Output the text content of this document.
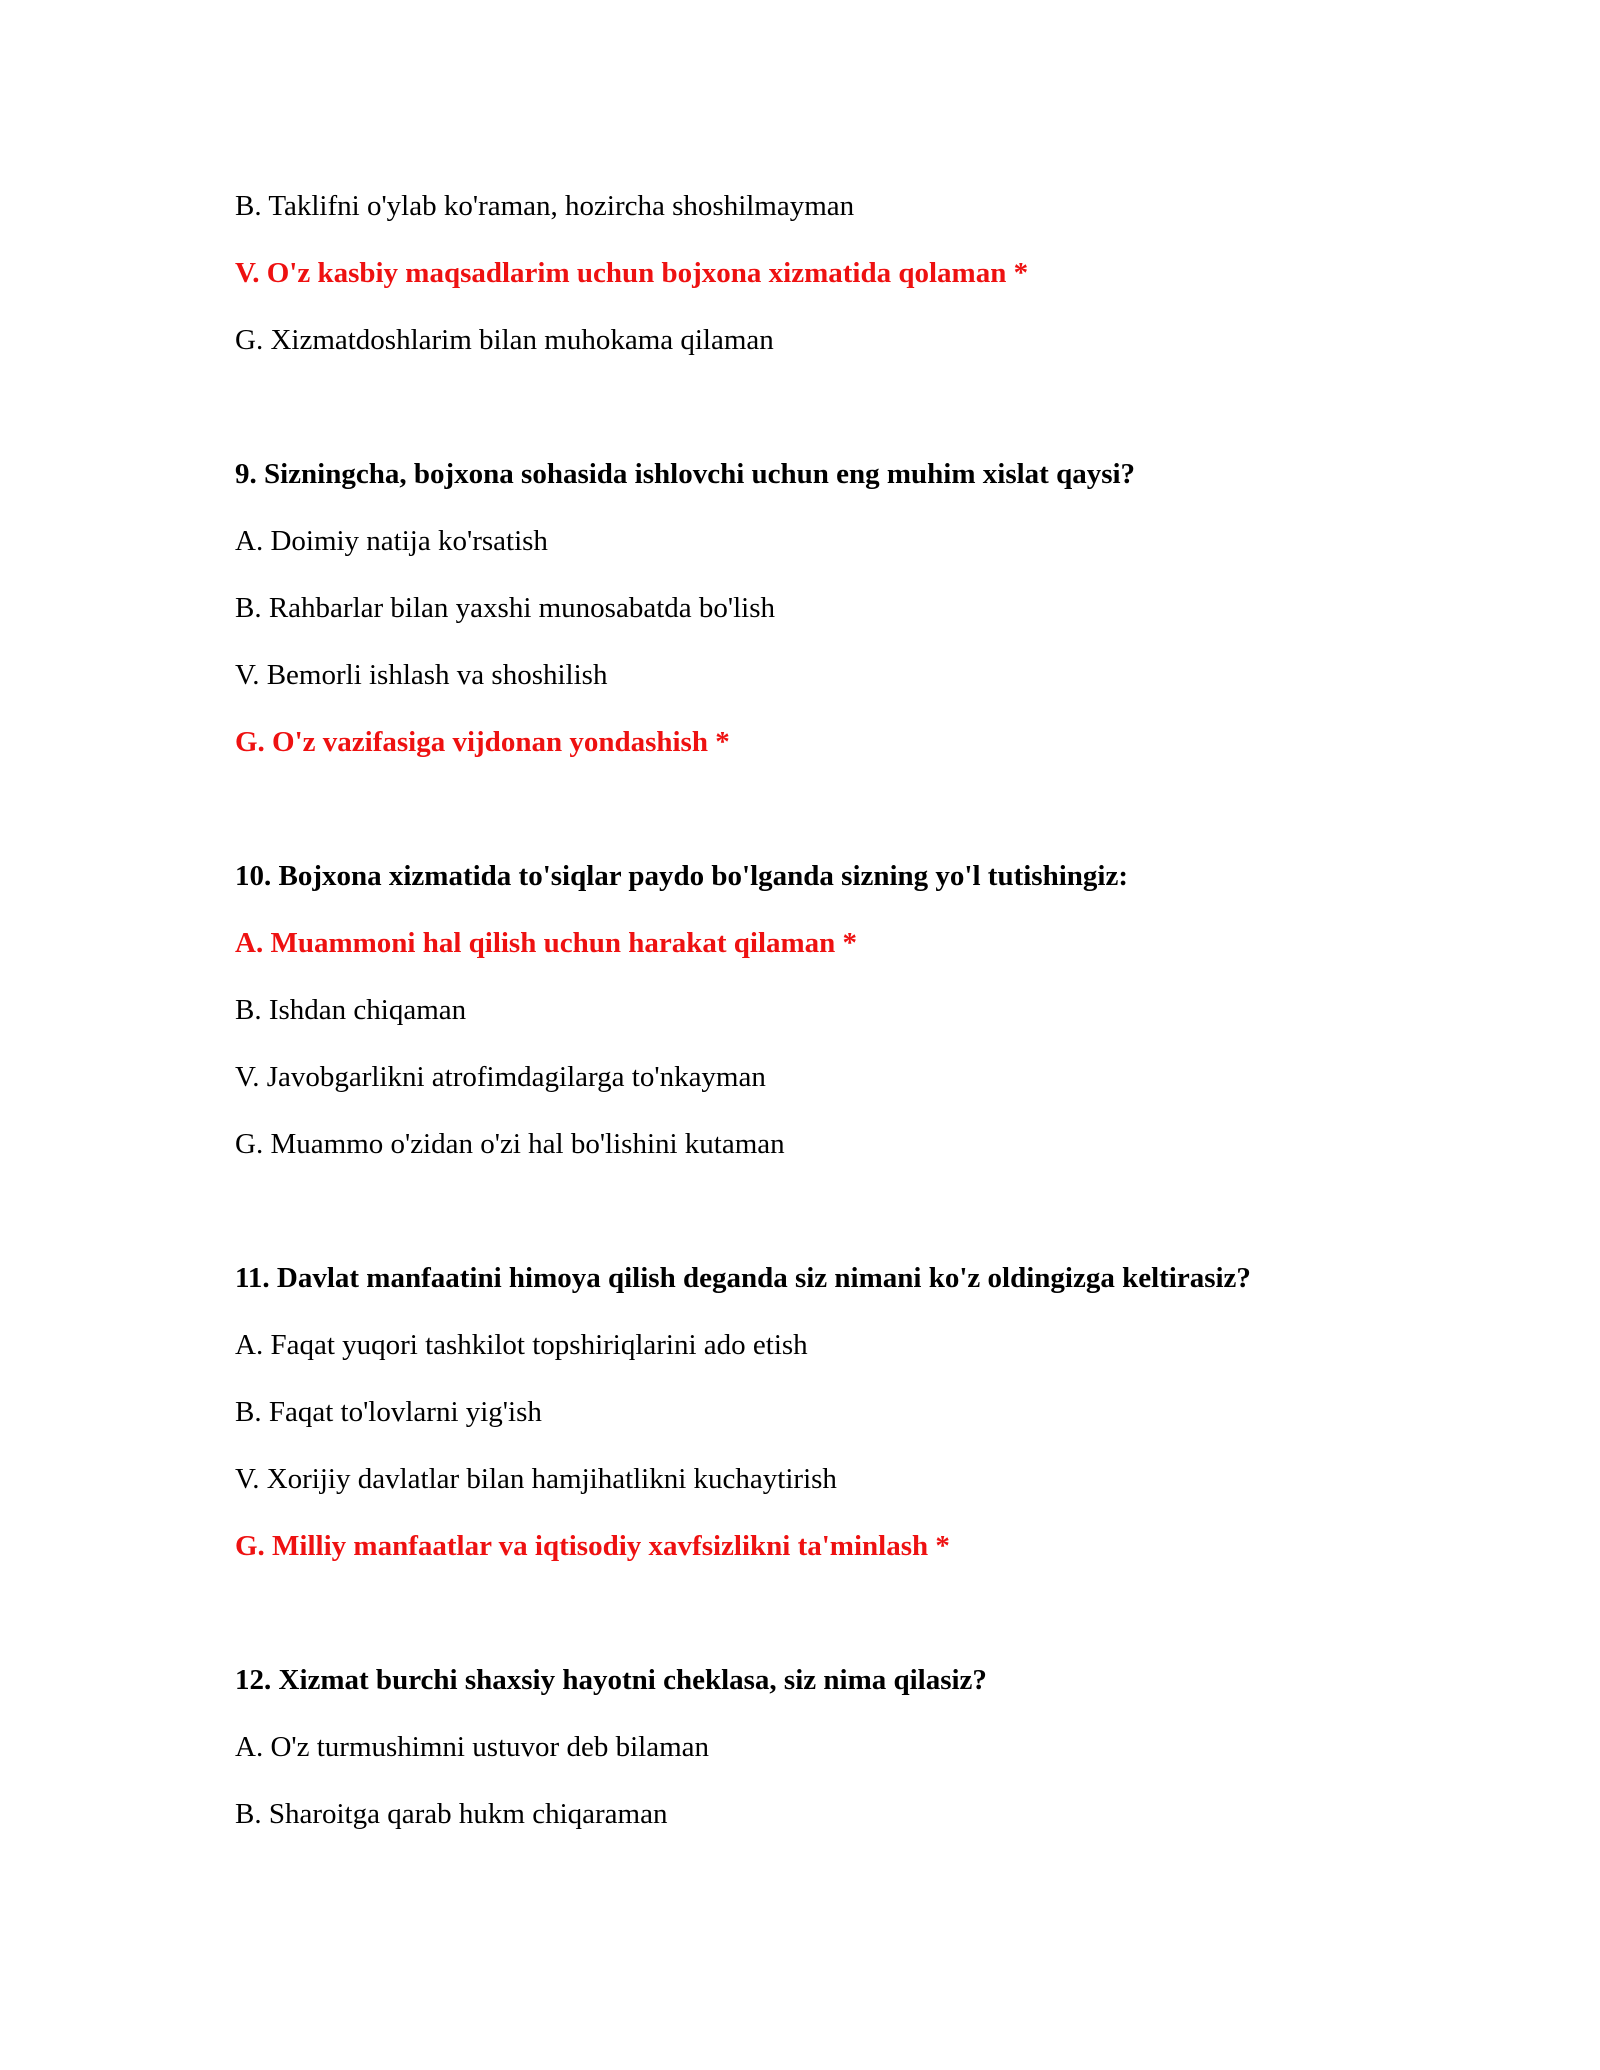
B. Taklifni o'ylab ko'raman, hozircha shoshilmayman
V. O'z kasbiy maqsadlarim uchun bojxona xizmatida qolaman *
G. Xizmatdoshlarim bilan muhokama qilaman
9. Sizningcha, bojxona sohasida ishlovchi uchun eng muhim xislat qaysi?
A. Doimiy natija ko'rsatish
B. Rahbarlar bilan yaxshi munosabatda bo'lish
V. Bemorli ishlash va shoshilish
G. O'z vazifasiga vijdonan yondashish *
10. Bojxona xizmatida to'siqlar paydo bo'lganda sizning yo'l tutishingiz:
A. Muammoni hal qilish uchun harakat qilaman *
B. Ishdan chiqaman
V. Javobgarlikni atrofimdagilarga to'nkayman
G. Muammo o'zidan o'zi hal bo'lishini kutaman
11. Davlat manfaatini himoya qilish deganda siz nimani ko'z oldingizga keltirasiz?
A. Faqat yuqori tashkilot topshiriqlarini ado etish
B. Faqat to'lovlarni yig'ish
V. Xorijiy davlatlar bilan hamjihatlikni kuchaytirish
G. Milliy manfaatlar va iqtisodiy xavfsizlikni ta'minlash *
12. Xizmat burchi shaxsiy hayotni cheklasa, siz nima qilasiz?
A. O'z turmushimni ustuvor deb bilaman
B. Sharoitga qarab hukm chiqaraman
